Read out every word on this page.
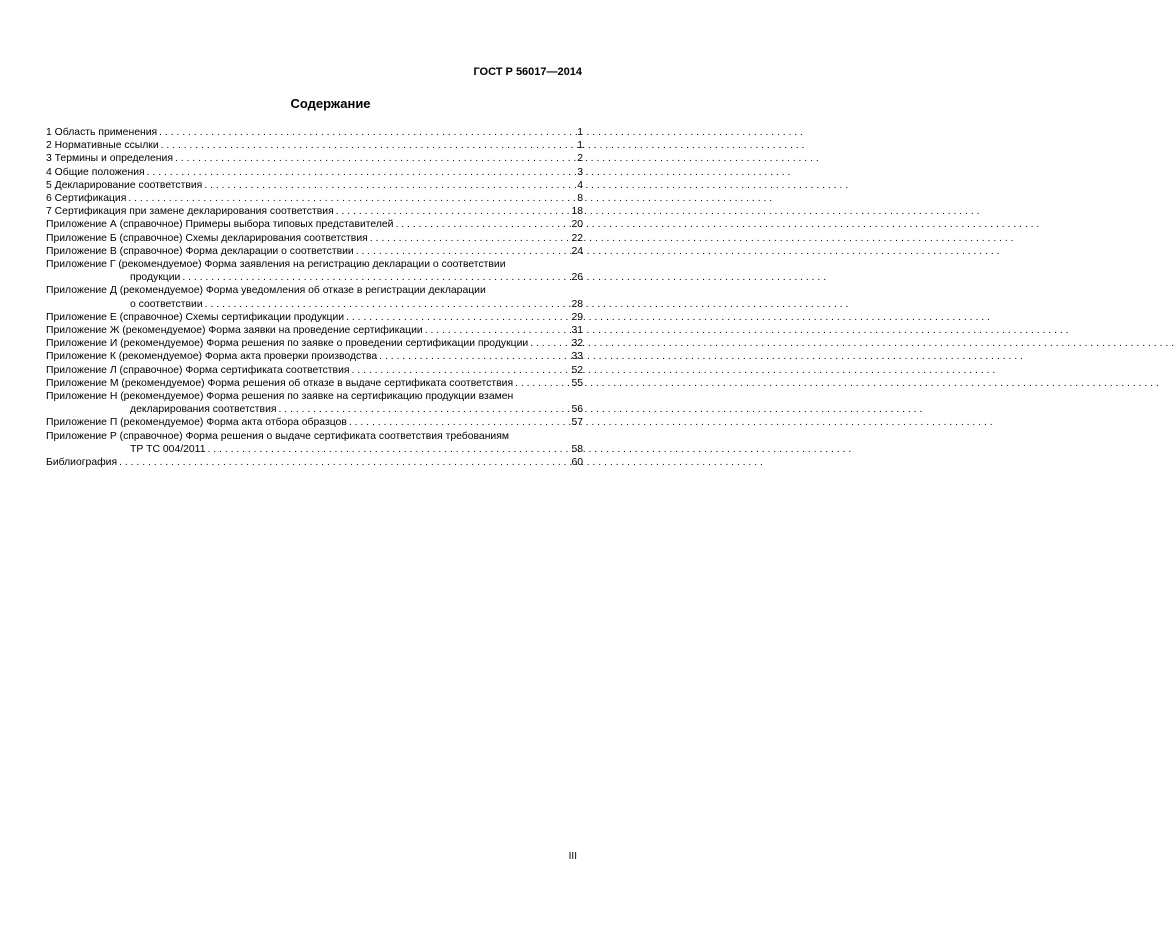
ГОСТ Р 56017—2014
Содержание
1 Область применения . . .	1
2 Нормативные ссылки . . .	1
3 Термины и определения . . .	2
4 Общие положения . . .	3
5 Декларирование соответствия . . .	4
6 Сертификация . . .	8
7 Сертификация при замене декларирования соответствия . . .	18
Приложение А (справочное) Примеры выбора типовых представителей . . .	20
Приложение Б (справочное) Схемы декларирования соответствия . . .	22
Приложение В (справочное) Форма декларации о соответствии . . .	24
Приложение Г (рекомендуемое) Форма заявления на регистрацию декларации о соответствии
продукции . . .	26
Приложение Д (рекомендуемое) Форма уведомления об отказе в регистрации декларации
о соответствии . . .	28
Приложение Е (справочное) Схемы сертификации продукции . . .	29
Приложение Ж (рекомендуемое) Форма заявки на проведение сертификации . . .	31
Приложение И (рекомендуемое) Форма решения по заявке о проведении сертификации продукции . . .	32
Приложение К (рекомендуемое) Форма акта проверки производства . . .	33
Приложение Л (справочное) Форма сертификата соответствия . . .	52
Приложение М (рекомендуемое) Форма решения об отказе в выдаче сертификата соответствия . . .	55
Приложение Н (рекомендуемое) Форма решения по заявке на сертификацию продукции взамен
декларирования соответствия . . .	56
Приложение П (рекомендуемое) Форма акта отбора образцов . . .	57
Приложение Р (справочное) Форма решения о выдаче сертификата соответствия требованиям
ТР ТС 004/2011 . . .	58
Библиография . . .	60
III
